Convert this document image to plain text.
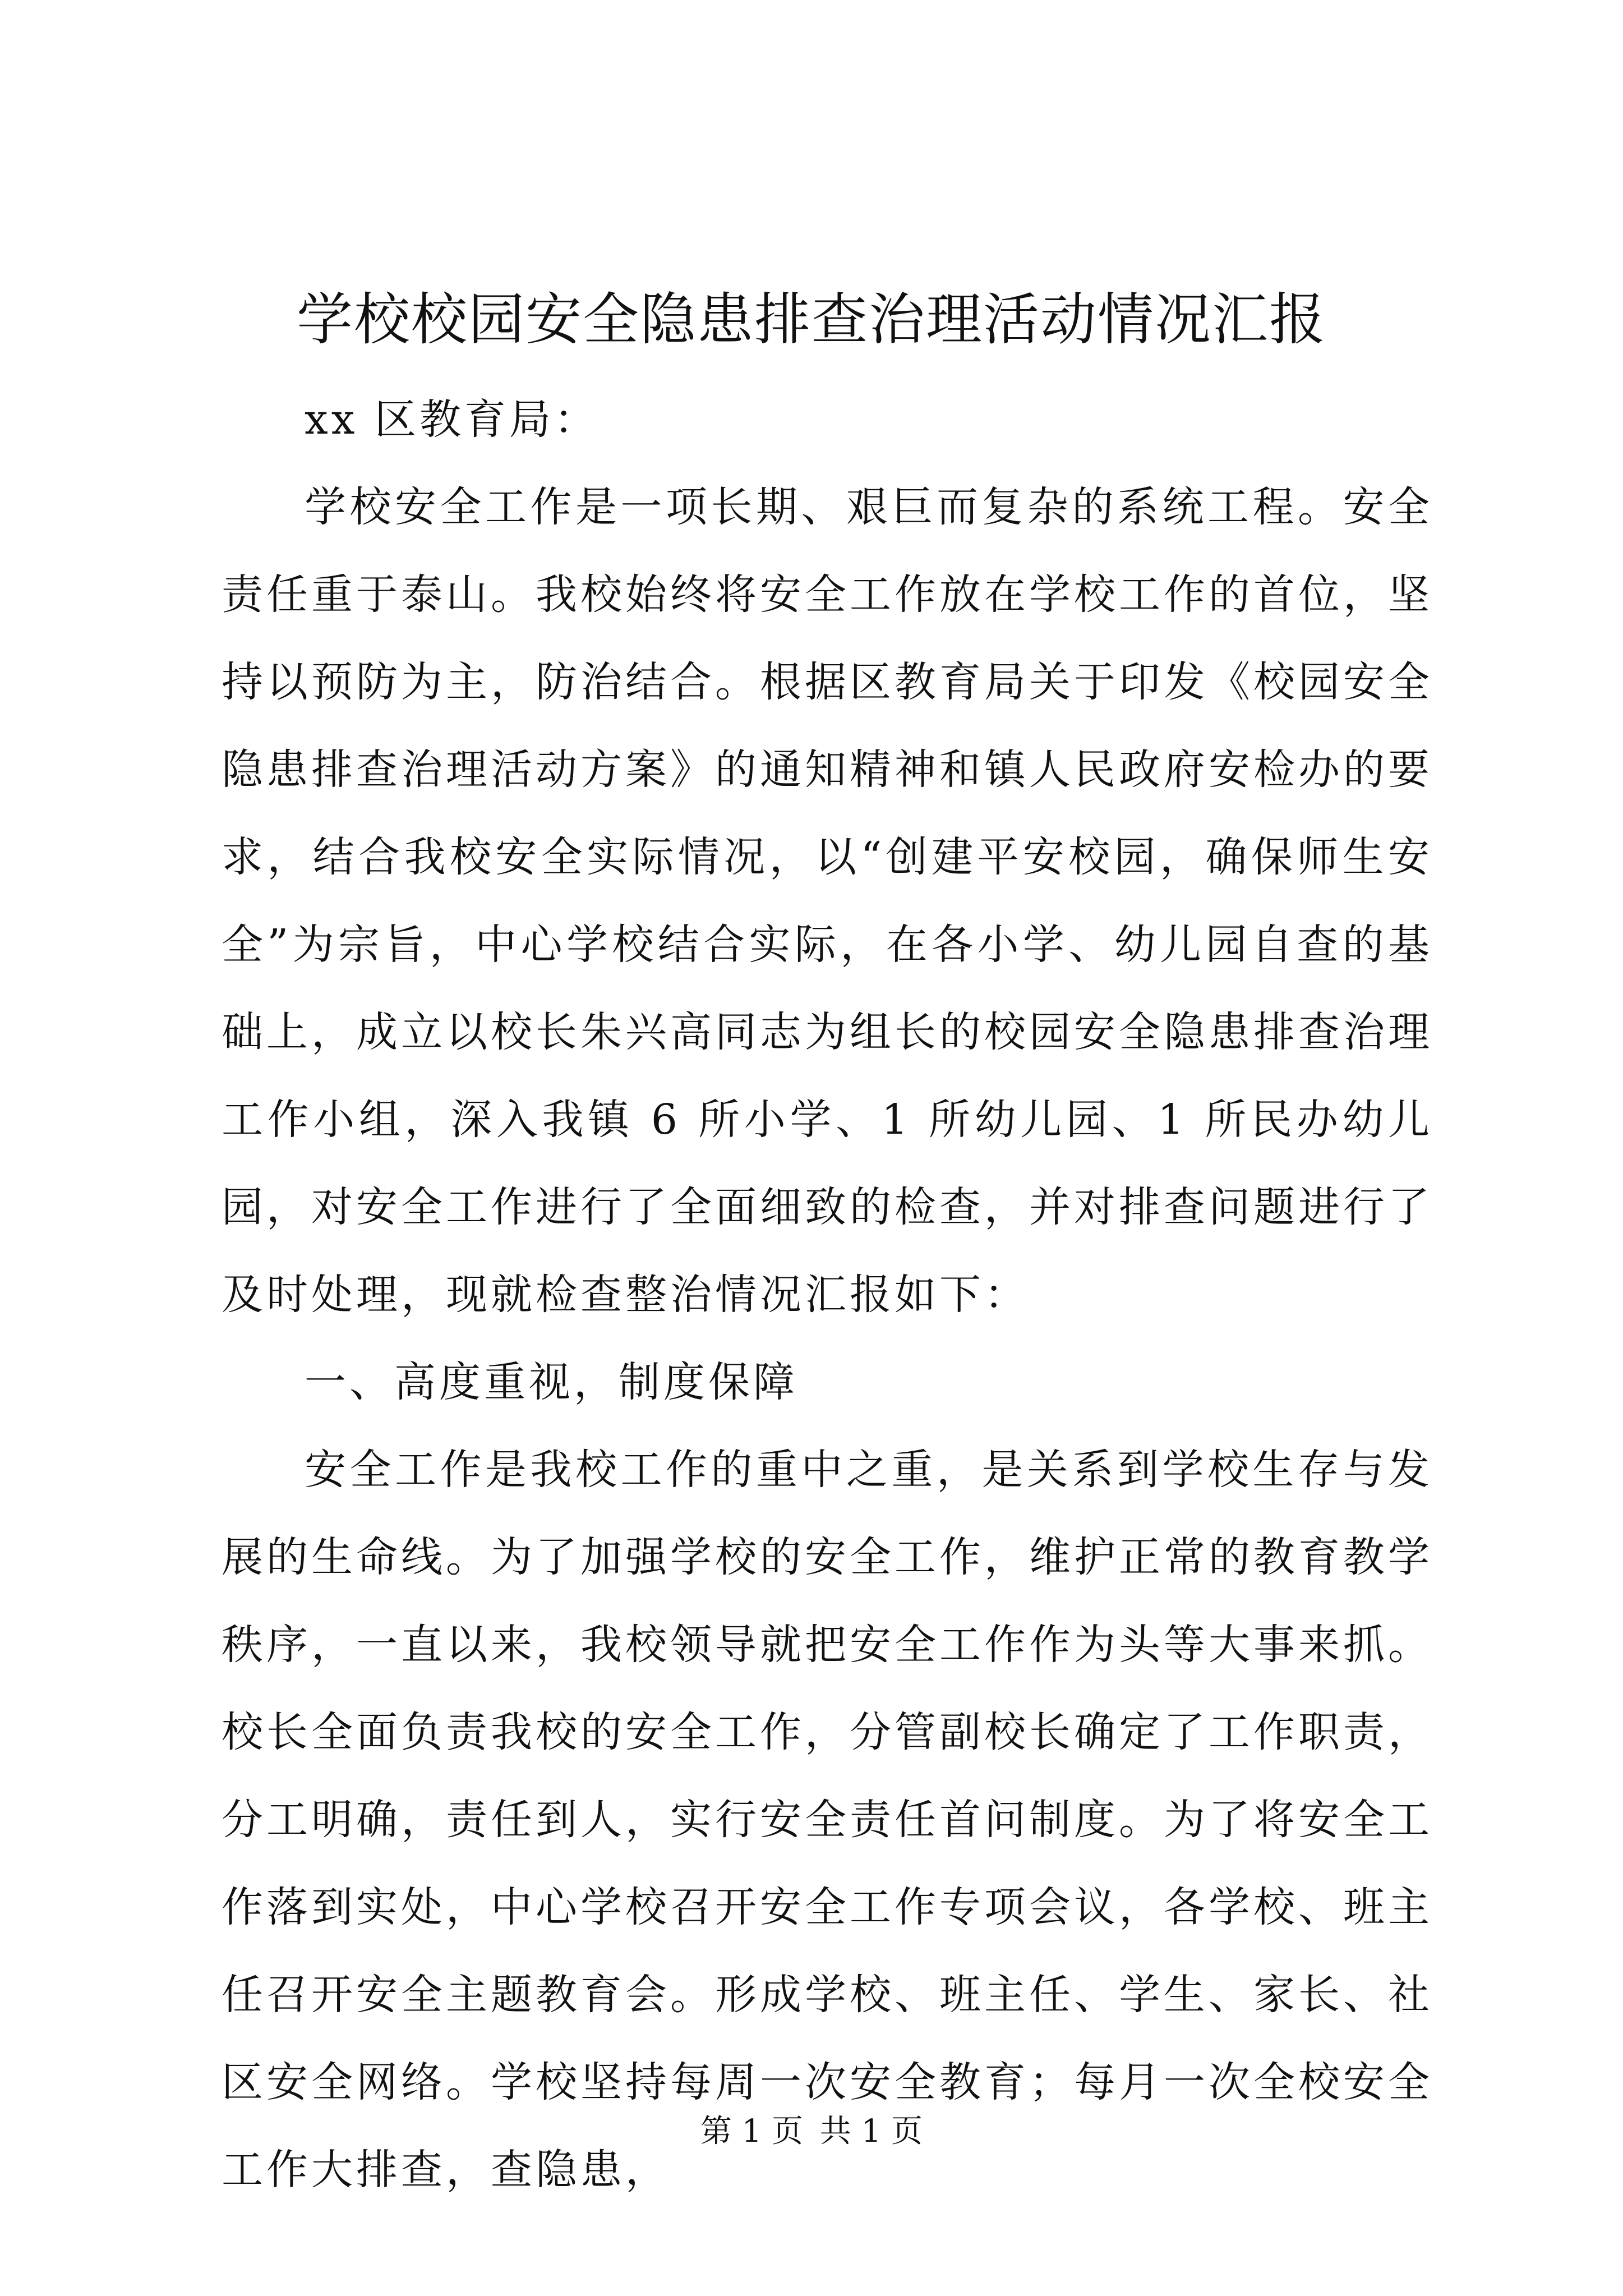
学校校园安全隐患排查治理活动情况汇报

xx 区教育局：

学校安全工作是一项长期、艰巨而复杂的系统工程。安全责任重于泰山。我校始终将安全工作放在学校工作的首位，坚持以预防为主，防治结合。根据区教育局关于印发《校园安全隐患排查治理活动方案》的通知精神和镇人民政府安检办的要求，结合我校安全实际情况，以“创建平安校园，确保师生安全”为宗旨，中心学校结合实际，在各小学、幼儿园自查的基础上，成立以校长朱兴高同志为组长的校园安全隐患排查治理工作小组，深入我镇 6 所小学、1 所幼儿园、1 所民办幼儿园，对安全工作进行了全面细致的检查，并对排查问题进行了及时处理，现就检查整治情况汇报如下：

一、高度重视，制度保障

安全工作是我校工作的重中之重，是关系到学校生存与发展的生命线。为了加强学校的安全工作，维护正常的教育教学秩序，一直以来，我校领导就把安全工作作为头等大事来抓。校长全面负责我校的安全工作，分管副校长确定了工作职责，分工明确，责任到人，实行安全责任首问制度。为了将安全工作落到实处，中心学校召开安全工作专项会议，各学校、班主任召开安全主题教育会。形成学校、班主任、学生、家长、社区安全网络。学校坚持每周一次安全教育；每月一次全校安全工作大排查，查隐患，

第 1 页 共 1 页
